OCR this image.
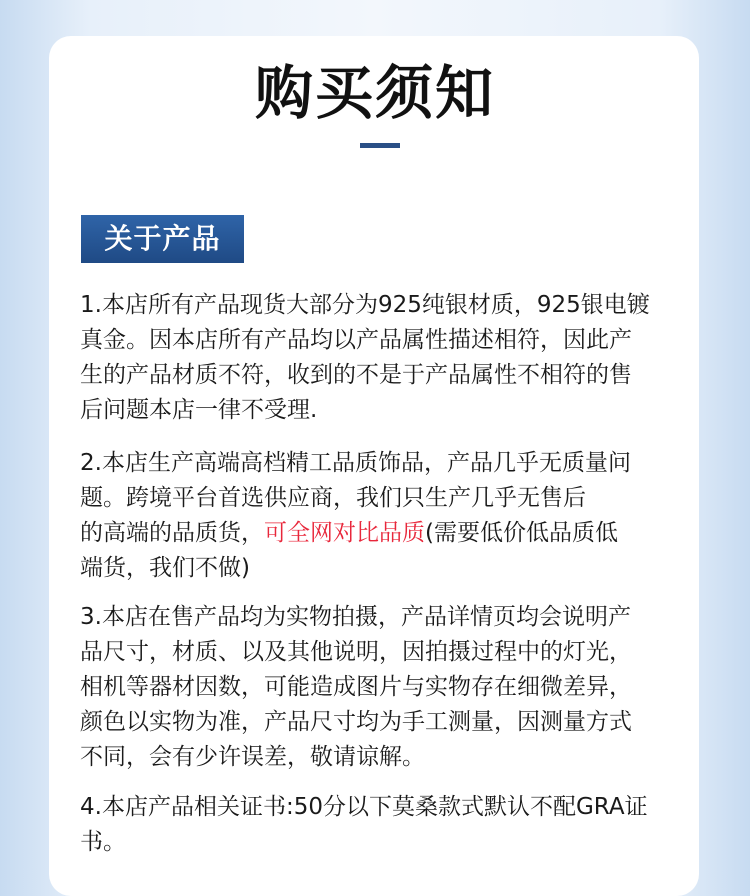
购买须知
关于产品

1.本店所有产品现货大部分为925纯银材质，925银电镀
真金。因本店所有产品均以产品属性描述相符，因此产
生的产品材质不符，收到的不是于产品属性不相符的售
后问题本店一律不受理.

2.本店生产高端高档精工品质饰品，产品几乎无质量问
题。跨境平台首选供应商，我们只生产几乎无售后
的高端的品质货，可全网对比品质(需要低价低品质低
端货，我们不做)

3.本店在售产品均为实物拍摄，产品详情页均会说明产
品尺寸，材质、以及其他说明，因拍摄过程中的灯光，
相机等器材因数，可能造成图片与实物存在细微差异，
颜色以实物为准，产品尺寸均为手工测量，因测量方式
不同，会有少许误差，敬请谅解。

4.本店产品相关证书:50分以下莫桑款式默认不配GRA证
书。
